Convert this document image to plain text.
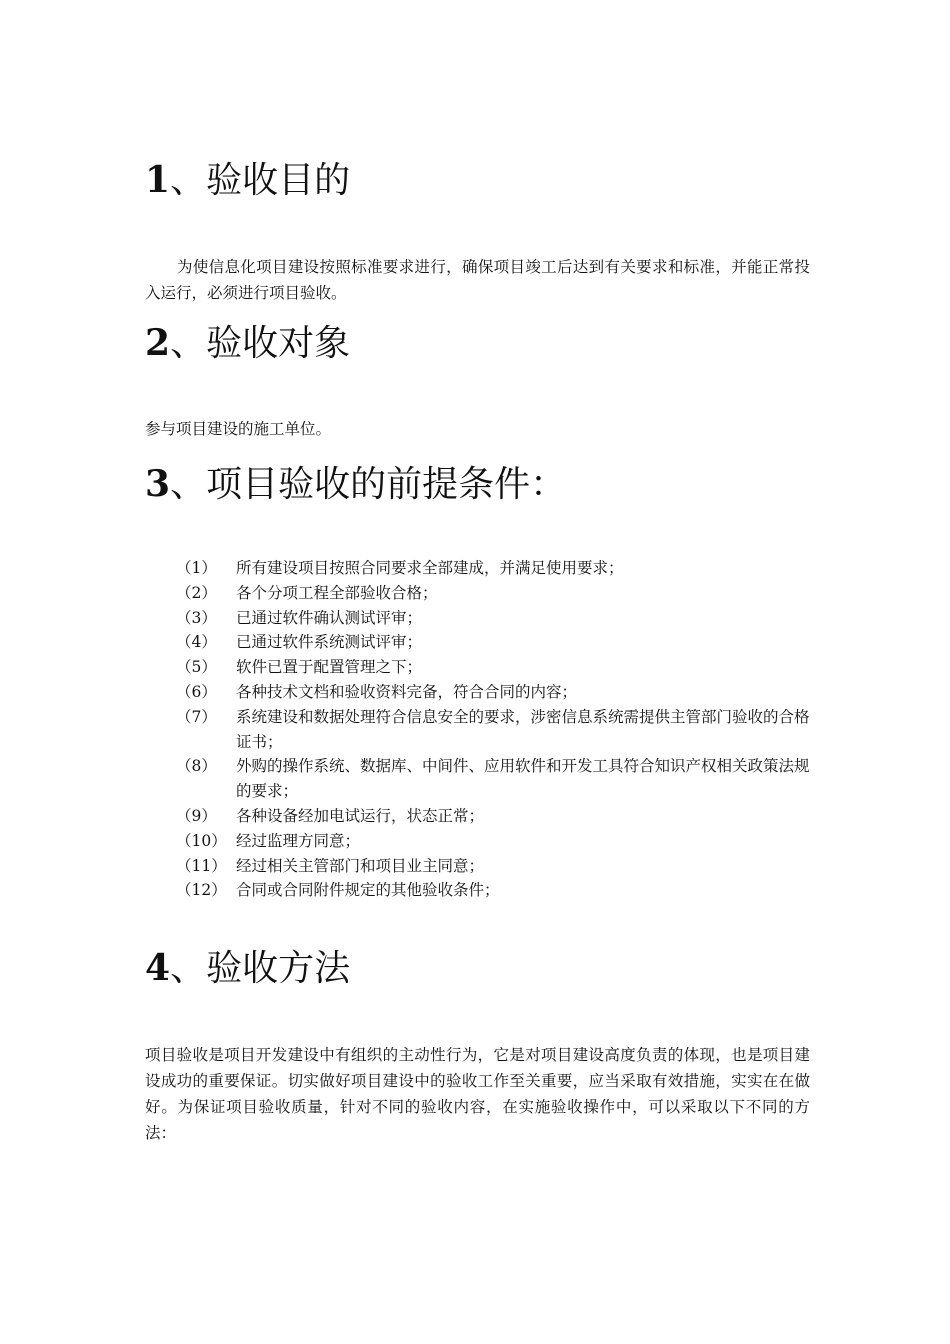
1、验收目的

为使信息化项目建设按照标准要求进行，确保项目竣工后达到有关要求和标准，并能正常投入运行，必须进行项目验收。

2、验收对象

参与项目建设的施工单位。

3、项目验收的前提条件：
（1）	所有建设项目按照合同要求全部建成，并满足使用要求；
（2）	各个分项工程全部验收合格；
（3）	已通过软件确认测试评审；
（4）	已通过软件系统测试评审；
（5）	软件已置于配置管理之下；
（6）	各种技术文档和验收资料完备，符合合同的内容；
（7）	系统建设和数据处理符合信息安全的要求，涉密信息系统需提供主管部门验收的合格证书；
（8）	外购的操作系统、数据库、中间件、应用软件和开发工具符合知识产权相关政策法规的要求；
（9）	各种设备经加电试运行，状态正常；
（10） 经过监理方同意；
（11） 经过相关主管部门和项目业主同意；
（12） 合同或合同附件规定的其他验收条件；
4、验收方法

项目验收是项目开发建设中有组织的主动性行为，它是对项目建设高度负责的体现，也是项目建设成功的重要保证。切实做好项目建设中的验收工作至关重要，应当采取有效措施，实实在在做好。为保证项目验收质量，针对不同的验收内容，在实施验收操作中，可以采取以下不同的方法：
